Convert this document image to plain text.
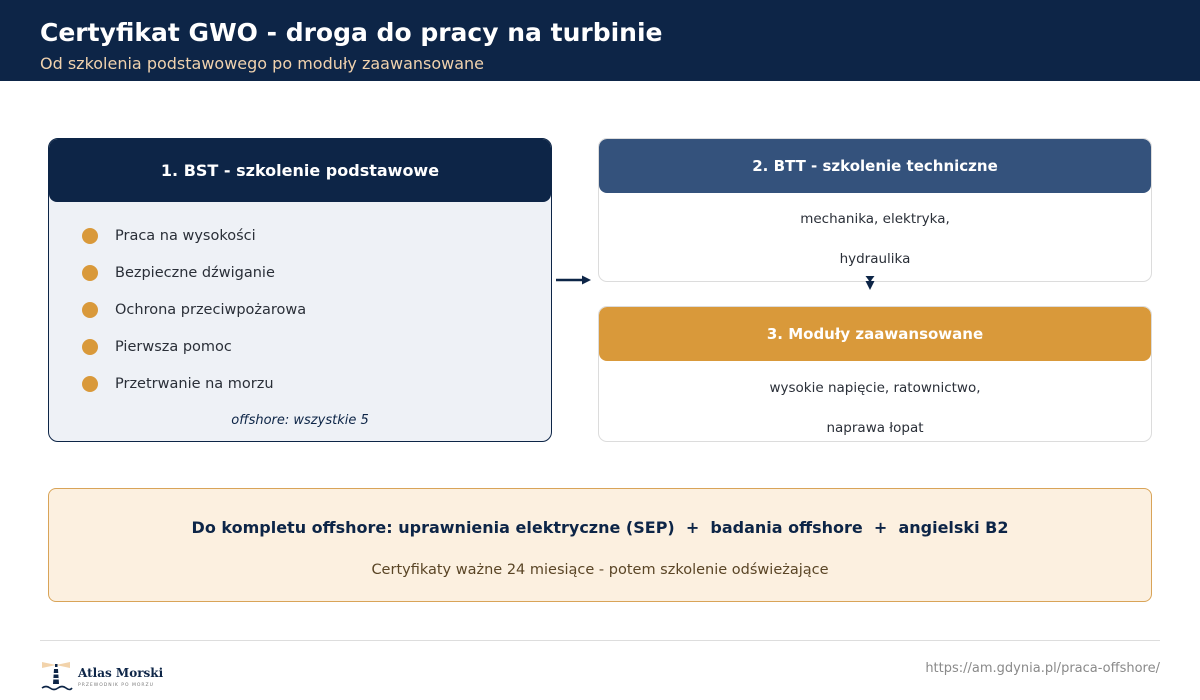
Certyfikat GWO - droga do pracy na turbinie
Od szkolenia podstawowego po moduły zaawansowane
1. BST - szkolenie podstawowe
Praca na wysokości
Bezpieczne dźwiganie
Ochrona przeciwpożarowa
Pierwsza pomoc
Przetrwanie na morzu
offshore: wszystkie 5
2. BTT - szkolenie techniczne
mechanika, elektryka,
hydraulika
3. Moduły zaawansowane
wysokie napięcie, ratownictwo,
naprawa łopat
Do kompletu offshore: uprawnienia elektryczne (SEP)  +  badania offshore  +  angielski B2
Certyfikaty ważne 24 miesiące - potem szkolenie odświeżające
Atlas Morski
PRZEWODNIK PO MORZU
https://am.gdynia.pl/praca-offshore/
